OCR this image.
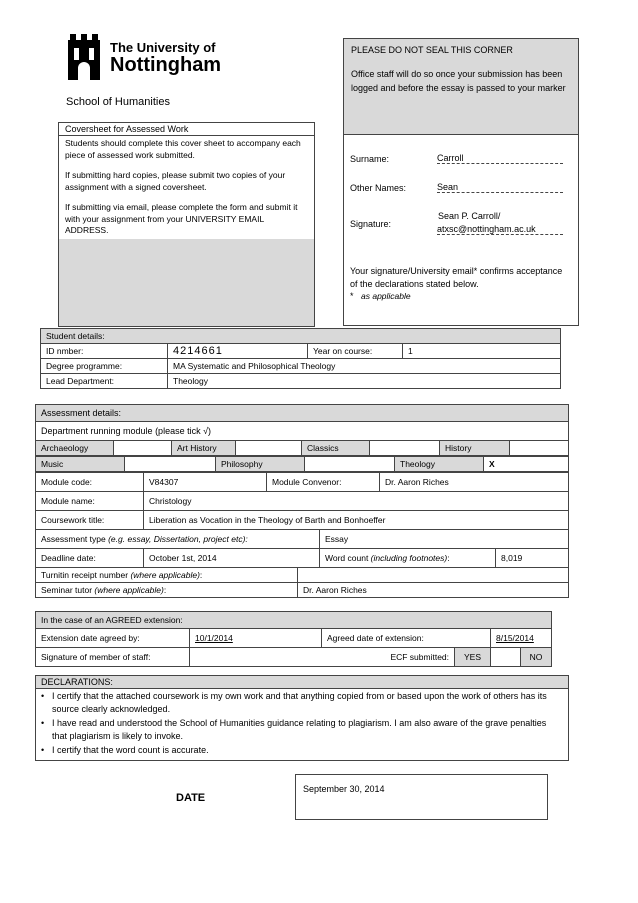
The University of
Nottingham
School of Humanities
PLEASE DO NOT SEAL THIS CORNER
Office staff will do so once your submission has been logged and before the essay is passed to your marker
Surname:	Carroll
Other Names:	Sean
Signature:
Sean P. Carroll/
atxsc@nottingham.ac.uk
Your signature/University email* confirms acceptance of the declarations stated below.
* as applicable
Coversheet for Assessed Work
Students should complete this cover sheet to accompany each piece of assessed work submitted.
If submitting hard copies, please submit two copies of your assignment with a signed coversheet.
If submitting via email, please complete the form and submit it with your assignment from your UNIVERSITY EMAIL ADDRESS.
Student details:			
ID nmber:	4214661	Year on course:	1
Degree programme:	MA Systematic and Philosophical Theology		
Lead Department:	Theology		
Assessment details:
Department running module (please tick √)
Archaeology		Art History		Classics		History	
Music		Philosophy		Theology	X
Module code:	V84307	Module Convenor:	Dr. Aaron Riches
Module name:	Christology		
Coursework title:	Liberation as Vocation in the Theology of Barth and Bonhoeffer		
Assessment type (e.g. essay, Dissertation, project etc):	Essay
Deadline date:	October 1st, 2014	Word count (including footnotes):	8,019
Turnitin receipt number (where applicable):	
Seminar tutor (where applicable):	Dr. Aaron Riches
In the case of an AGREED extension:					
Extension date agreed by:	10/1/2014	Agreed date of extension:		8/15/2014	
Signature of member of staff:	ECF submitted:		YES		NO
DECLARATIONS:
• I certify that the attached coursework is my own work and that anything copied from or based upon the work of others has its source clearly acknowledged.
• I have read and understood the School of Humanities guidance relating to plagiarism. I am also aware of the grave penalties that plagiarism is likely to invoke.
• I certify that the word count is accurate.
DATE
September 30, 2014
